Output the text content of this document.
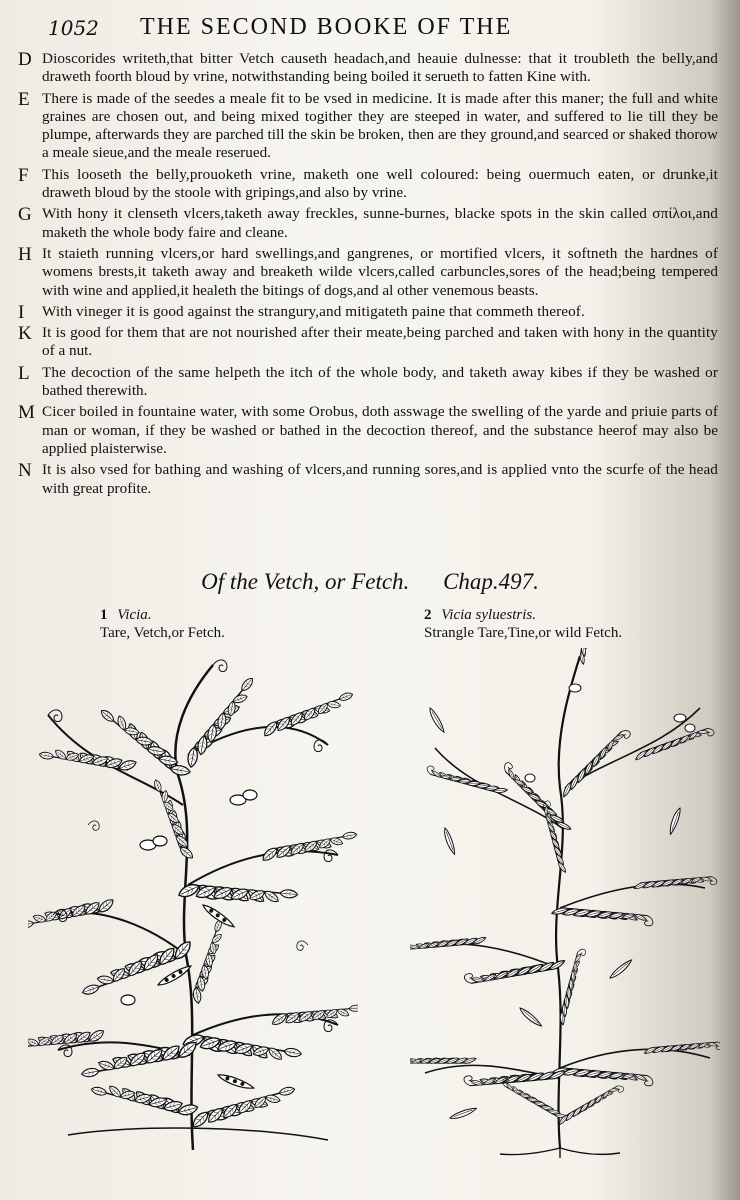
1052 THE SECOND BOOKE OF THE
D Dioscorides writeth,that bitter Vetch causeth headach,and heauie dulnesse: that it troubleth the belly,and draweth foorth bloud by vrine, notwithstanding being boiled it serueth to fatten Kine with.
E There is made of the seedes a meale fit to be vsed in medicine. It is made after this maner; the full and white graines are chosen out, and being mixed togither they are steeped in water, and suffered to lie till they be plumpe, afterwards they are parched till the skin be broken, then are they ground,and searced or shaked thorow a meale sieue,and the meale reserued.
F This looseth the belly,prouoketh vrine, maketh one well coloured: being ouermuch eaten, or drunke,it draweth bloud by the stoole with gripings,and also by vrine.
G With hony it clenseth vlcers,taketh away freckles, sunne-burnes, blacke spots in the skin called σπίλοι,and maketh the whole body faire and cleane.
H It staieth running vlcers,or hard swellings,and gangrenes, or mortified vlcers, it softneth the hardnes of womens brests,it taketh away and breaketh wilde vlcers,called carbuncles,sores of the head;being tempered with wine and applied,it healeth the bitings of dogs,and al other venemous beasts.
I With vineger it is good against the strangury,and mitigateth paine that commeth thereof.
K It is good for them that are not nourished after their meate,being parched and taken with hony in the quantity of a nut.
L The decoction of the same helpeth the itch of the whole body, and taketh away kibes if they be washed or bathed therewith.
M Cicer boiled in fountaine water, with some Orobus, doth asswage the swelling of the yarde and priuie parts of man or woman, if they be washed or bathed in the decoction thereof, and the substance heerof may also be applied plaisterwise.
N It is also vsed for bathing and washing of vlcers,and running sores,and is applied vnto the scurfe of the head with great profite.
Of the Vetch, or Fetch. Chap.497.
1 Vicia.
Tare, Vetch,or Fetch.
2 Vicia syluestris.
Strangle Tare,Tine,or wild Fetch.
